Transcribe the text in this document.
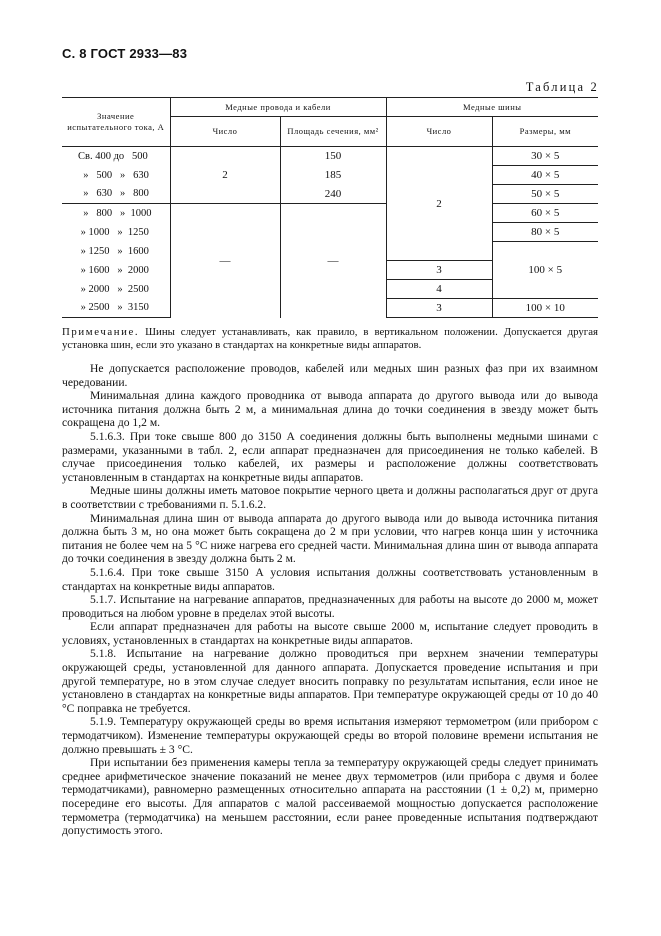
С. 8 ГОСТ 2933—83
Таблица 2
Значение испытательного тока, А	Медные провода и кабели		Медные шины	
	Число	Площадь сечения, мм²	Число	Размеры, мм
Св. 400 до   500	2	150	2	30 × 5
»   500   »   630		185		40 × 5
»   630   »   800		240		50 × 5
»   800   »  1000	—	—		60 × 5
» 1000   »  1250				80 × 5
» 1250   »  1600				100 × 5
» 1600   »  2000			3	
» 2000   »  2500			4	
» 2500   »  3150			3	100 × 10
Примечание. Шины следует устанавливать, как правило, в вертикальном положении. Допускается другая установка шин, если это указано в стандартах на конкретные виды аппаратов.

Не допускается расположение проводов, кабелей или медных шин разных фаз при их взаимном чередовании.

Минимальная длина каждого проводника от вывода аппарата до другого вывода или до вывода источника питания должна быть 2 м, а минимальная длина до точки соединения в звезду может быть сокращена до 1,2 м.

5.1.6.3. При токе свыше 800 до 3150 А соединения должны быть выполнены медными шинами с размерами, указанными в табл. 2, если аппарат предназначен для присоединения не только кабелей. В случае присоединения только кабелей, их размеры и расположение должны соответствовать установленным в стандартах на конкретные виды аппаратов.

Медные шины должны иметь матовое покрытие черного цвета и должны располагаться друг от друга в соответствии с требованиями п. 5.1.6.2.

Минимальная длина шин от вывода аппарата до другого вывода или до вывода источника питания должна быть 3 м, но она может быть сокращена до 2 м при условии, что нагрев конца шин у источника питания не более чем на 5 °С ниже нагрева его средней части. Минимальная длина шин от вывода аппарата до точки соединения в звезду должна быть 2 м.

5.1.6.4. При токе свыше 3150 А условия испытания должны соответствовать установленным в стандартах на конкретные виды аппаратов.

5.1.7. Испытание на нагревание аппаратов, предназначенных для работы на высоте до 2000 м, может проводиться на любом уровне в пределах этой высоты.

Если аппарат предназначен для работы на высоте свыше 2000 м, испытание следует проводить в условиях, установленных в стандартах на конкретные виды аппаратов.

5.1.8. Испытание на нагревание должно проводиться при верхнем значении температуры окружающей среды, установленной для данного аппарата. Допускается проведение испытания и при другой температуре, но в этом случае следует вносить поправку по результатам испытания, если иное не установлено в стандартах на конкретные виды аппаратов. При температуре окружающей среды от 10 до 40 °С поправка не требуется.

5.1.9. Температуру окружающей среды во время испытания измеряют термометром (или прибором с термодатчиком). Изменение температуры окружающей среды во второй половине времени испытания не должно превышать ± 3 °С.

При испытании без применения камеры тепла за температуру окружающей среды следует принимать среднее арифметическое значение показаний не менее двух термометров (или прибора с двумя и более термодатчиками), равномерно размещенных относительно аппарата на расстоянии (1 ± 0,2) м, примерно посередине его высоты. Для аппаратов с малой рассеиваемой мощностью допускается расположение термометра (термодатчика) на меньшем расстоянии, если ранее проведенные испытания подтверждают допустимость этого.
